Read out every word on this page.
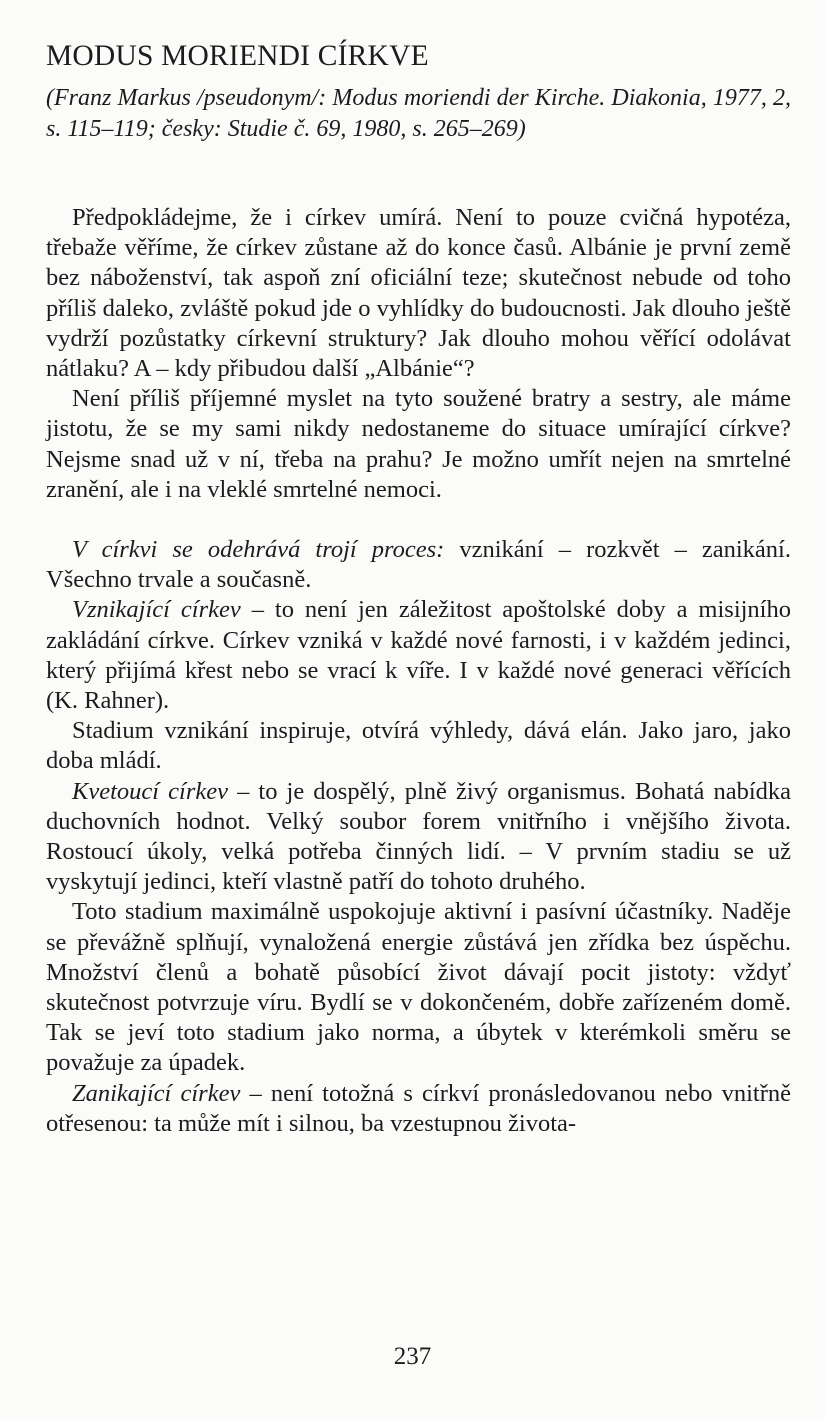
MODUS MORIENDI CÍRKVE

(Franz Markus /pseudonym/: Modus moriendi der Kirche. Diakonia, 1977, 2, s. 115–119; česky: Studie č. 69, 1980, s. 265–269)

Předpokládejme, že i církev umírá. Není to pouze cvičná hypotéza, třebaže věříme, že církev zůstane až do konce časů. Albánie je první země bez náboženství, tak aspoň zní oficiální teze; skutečnost nebude od toho příliš daleko, zvláště pokud jde o vyhlídky do budoucnosti. Jak dlouho ještě vydrží pozůstatky církevní struktury? Jak dlouho mohou věřící odolávat nátlaku? A – kdy přibudou další „Albánie“?

Není příliš příjemné myslet na tyto soužené bratry a sestry, ale máme jistotu, že se my sami nikdy nedostaneme do situace umírající církve? Nejsme snad už v ní, třeba na prahu? Je možno umřít nejen na smrtelné zranění, ale i na vleklé smrtelné nemoci.

V církvi se odehrává trojí proces: vznikání – rozkvět – zanikání. Všechno trvale a současně.

Vznikající církev – to není jen záležitost apoštolské doby a misijního zakládání církve. Církev vzniká v každé nové farnosti, i v každém jedinci, který přijímá křest nebo se vrací k víře. I v každé nové generaci věřících (K. Rahner).

Stadium vznikání inspiruje, otvírá výhledy, dává elán. Jako jaro, jako doba mládí.

Kvetoucí církev – to je dospělý, plně živý organismus. Bohatá nabídka duchovních hodnot. Velký soubor forem vnitřního i vnějšího života. Rostoucí úkoly, velká potřeba činných lidí. – V prvním stadiu se už vyskytují jedinci, kteří vlastně patří do tohoto druhého.

Toto stadium maximálně uspokojuje aktivní i pasívní účastníky. Naděje se převážně splňují, vynaložená energie zůstává jen zřídka bez úspěchu. Množství členů a bohatě působící život dávají pocit jistoty: vždyť skutečnost potvrzuje víru. Bydlí se v dokončeném, dobře zařízeném domě. Tak se jeví toto stadium jako norma, a úbytek v kterémkoli směru se považuje za úpadek.

Zanikající církev – není totožná s církví pronásledovanou nebo vnitřně otřesenou: ta může mít i silnou, ba vzestupnou života-

237
